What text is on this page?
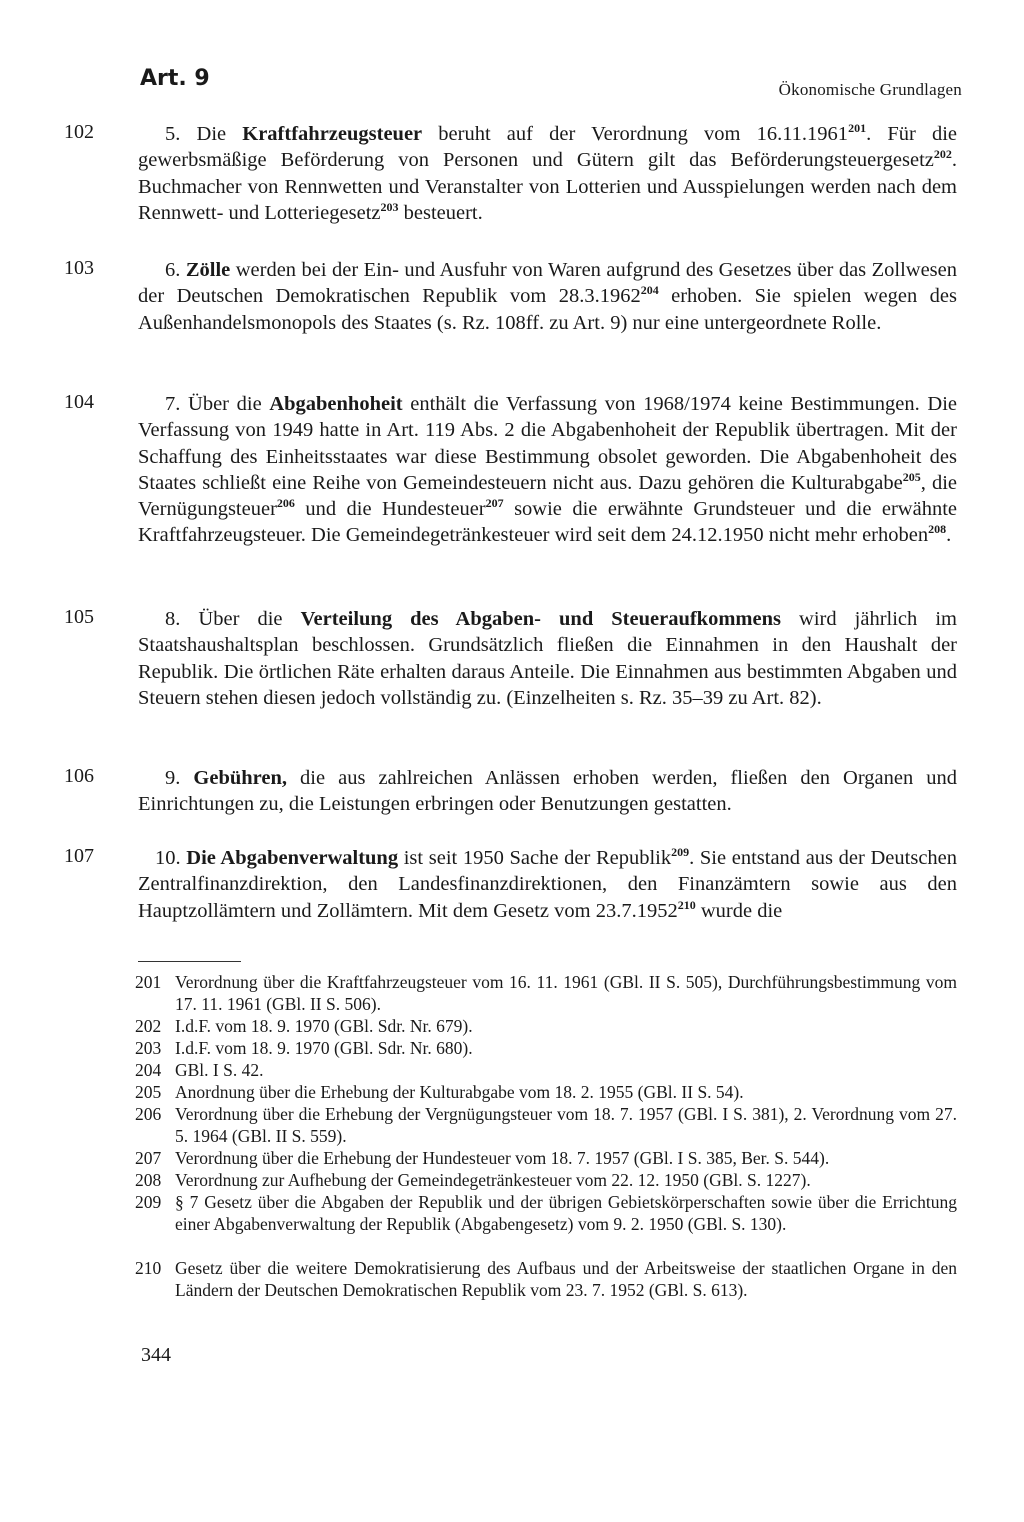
Art. 9	Ökonomische Grundlagen
102	5. Die Kraftfahrzeugsteuer beruht auf der Verordnung vom 16.11.1961$^{201}$. Für die gewerbsmäßige Beförderung von Personen und Gütern gilt das Beförderungsteuergesetz$^{202}$. Buchmacher von Rennwetten und Veranstalter von Lotterien und Ausspielungen werden nach dem Rennwett- und Lotteriegesetz$^{203}$ besteuert.

103	6. Zölle werden bei der Ein- und Ausfuhr von Waren aufgrund des Gesetzes über das Zollwesen der Deutschen Demokratischen Republik vom 28.3.1962$^{204}$ erhoben. Sie spielen wegen des Außenhandelsmonopols des Staates (s. Rz. 108ff. zu Art. 9) nur eine untergeordnete Rolle.

104	7. Über die Abgabenhoheit enthält die Verfassung von 1968/1974 keine Bestimmungen. Die Verfassung von 1949 hatte in Art. 119 Abs. 2 die Abgabenhoheit der Republik übertragen. Mit der Schaffung des Einheitsstaates war diese Bestimmung obsolet geworden. Die Abgabenhoheit des Staates schließt eine Reihe von Gemeindesteuern nicht aus. Dazu gehören die Kulturabgabe$^{205}$, die Vernügungsteuer$^{206}$ und die Hundesteuer$^{207}$ sowie die erwähnte Grundsteuer und die erwähnte Kraftfahrzeugsteuer. Die Gemeindegetränkesteuer wird seit dem 24.12.1950 nicht mehr erhoben$^{208}$.

105	8. Über die Verteilung des Abgaben- und Steueraufkommens wird jährlich im Staatshaushaltsplan beschlossen. Grundsätzlich fließen die Einnahmen in den Haushalt der Republik. Die örtlichen Räte erhalten daraus Anteile. Die Einnahmen aus bestimmten Abgaben und Steuern stehen diesen jedoch vollständig zu. (Einzelheiten s. Rz. 35–39 zu Art. 82).

106	9. Gebühren, die aus zahlreichen Anlässen erhoben werden, fließen den Organen und Einrichtungen zu, die Leistungen erbringen oder Benutzungen gestatten.

107	10. Die Abgabenverwaltung ist seit 1950 Sache der Republik$^{209}$. Sie entstand aus der Deutschen Zentralfinanzdirektion, den Landesfinanzdirektionen, den Finanzämtern sowie aus den Hauptzollämtern und Zollämtern. Mit dem Gesetz vom 23.7.1952$^{210}$ wurde die

201 Verordnung über die Kraftfahrzeugsteuer vom 16. 11. 1961 (GBl. II S. 505), Durchführungsbestimmung vom 17. 11. 1961 (GBl. II S. 506).
202 I.d.F. vom 18. 9. 1970 (GBl. Sdr. Nr. 679).
203 I.d.F. vom 18. 9. 1970 (GBl. Sdr. Nr. 680).
204 GBl. I S. 42.
205 Anordnung über die Erhebung der Kulturabgabe vom 18. 2. 1955 (GBl. II S. 54).
206 Verordnung über die Erhebung der Vergnügungsteuer vom 18. 7. 1957 (GBl. I S. 381), 2. Verordnung vom 27. 5. 1964 (GBl. II S. 559).
207 Verordnung über die Erhebung der Hundesteuer vom 18. 7. 1957 (GBl. I S. 385, Ber. S. 544).
208 Verordnung zur Aufhebung der Gemeindegetränkesteuer vom 22. 12. 1950 (GBl. S. 1227).
209 § 7 Gesetz über die Abgaben der Republik und der übrigen Gebietskörperschaften sowie über die Errichtung einer Abgabenverwaltung der Republik (Abgabengesetz) vom 9. 2. 1950 (GBl. S. 130).
210 Gesetz über die weitere Demokratisierung des Aufbaus und der Arbeitsweise der staatlichen Organe in den Ländern der Deutschen Demokratischen Republik vom 23. 7. 1952 (GBl. S. 613).
344
